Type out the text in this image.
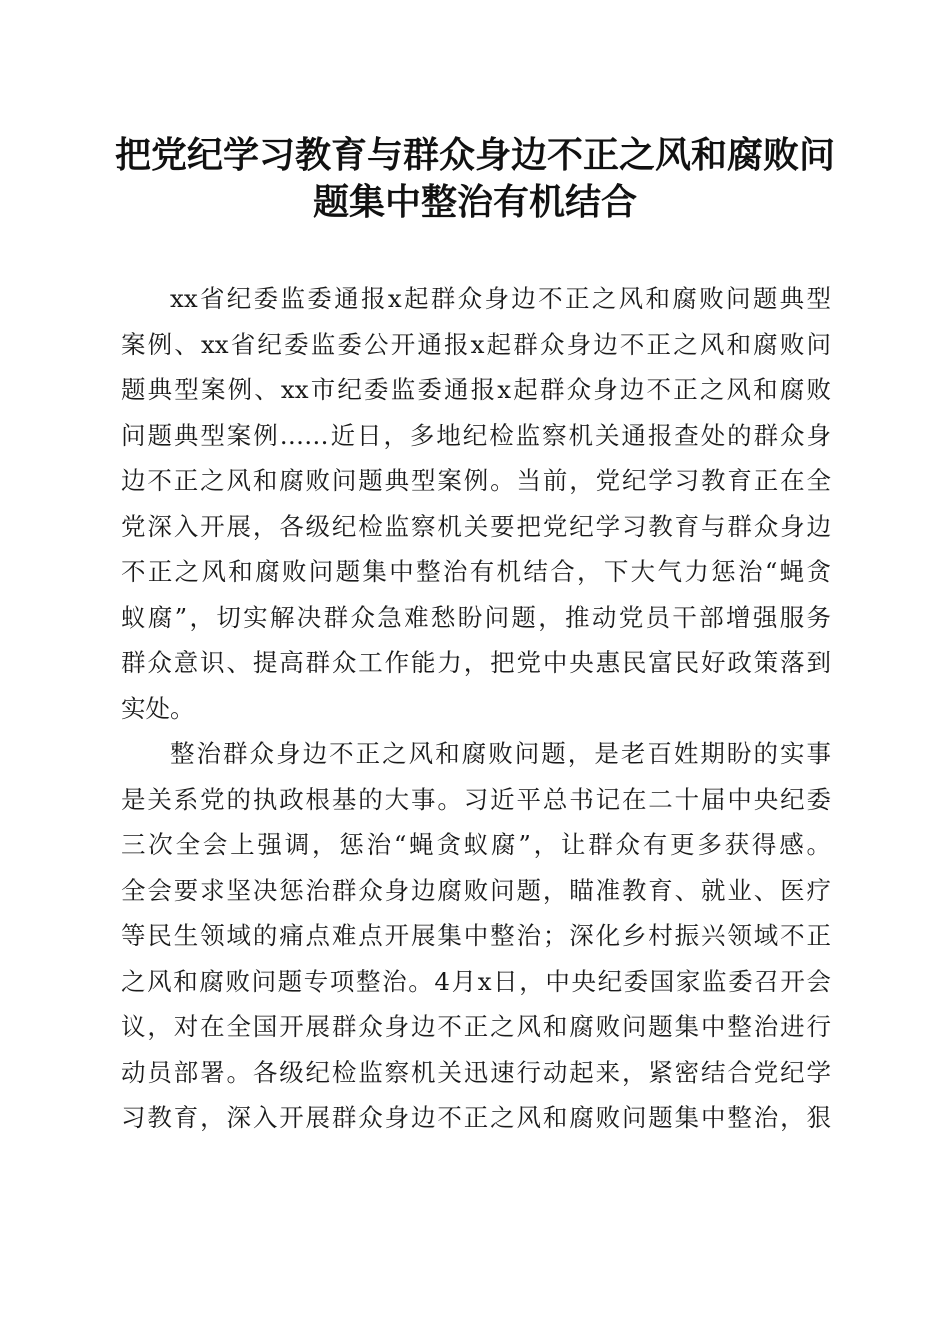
把党纪学习教育与群众身边不正之风和腐败问
题集中整治有机结合
xx省纪委监委通报x起群众身边不正之风和腐败问题典型
案例、xx省纪委监委公开通报x起群众身边不正之风和腐败问
题典型案例、xx市纪委监委通报x起群众身边不正之风和腐败
问题典型案例……近日，多地纪检监察机关通报查处的群众身
边不正之风和腐败问题典型案例。当前，党纪学习教育正在全
党深入开展，各级纪检监察机关要把党纪学习教育与群众身边
不正之风和腐败问题集中整治有机结合，下大气力惩治“蝇贪
蚁腐”，切实解决群众急难愁盼问题，推动党员干部增强服务
群众意识、提高群众工作能力，把党中央惠民富民好政策落到
实处。
整治群众身边不正之风和腐败问题，是老百姓期盼的实事
是关系党的执政根基的大事。习近平总书记在二十届中央纪委
三次全会上强调，惩治“蝇贪蚁腐”，让群众有更多获得感。
全会要求坚决惩治群众身边腐败问题，瞄准教育、就业、医疗
等民生领域的痛点难点开展集中整治；深化乡村振兴领域不正
之风和腐败问题专项整治。4月x日，中央纪委国家监委召开会
议，对在全国开展群众身边不正之风和腐败问题集中整治进行
动员部署。各级纪检监察机关迅速行动起来，紧密结合党纪学
习教育，深入开展群众身边不正之风和腐败问题集中整治，狠
